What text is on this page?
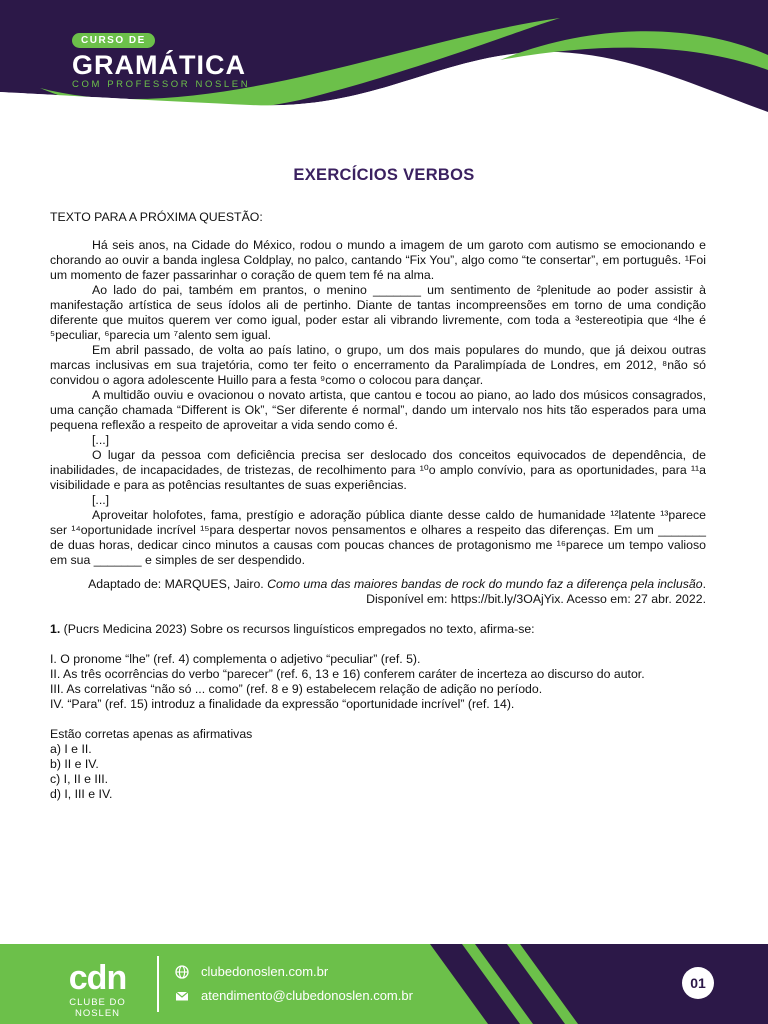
CURSO DE
GRAMÁTICA
COM PROFESSOR NOSLEN
EXERCÍCIOS VERBOS

TEXTO PARA A PRÓXIMA QUESTÃO:

Há seis anos, na Cidade do México, rodou o mundo a imagem de um garoto com autismo se emocionando e chorando ao ouvir a banda inglesa Coldplay, no palco, cantando “Fix You”, algo como “te consertar”, em português. ¹Foi um momento de fazer passarinhar o coração de quem tem fé na alma.

Ao lado do pai, também em prantos, o menino _______ um sentimento de ²plenitude ao poder assistir à manifestação artística de seus ídolos ali de pertinho. Diante de tantas incompreensões em torno de uma condição diferente que muitos querem ver como igual, poder estar ali vibrando livremente, com toda a ³estereotipia que ⁴lhe é ⁵peculiar, ⁶parecia um ⁷alento sem igual.

Em abril passado, de volta ao país latino, o grupo, um dos mais populares do mundo, que já deixou outras marcas inclusivas em sua trajetória, como ter feito o encerramento da Paralimpíada de Londres, em 2012, ⁸não só convidou o agora adolescente Huillo para a festa ⁹como o colocou para dançar.

A multidão ouviu e ovacionou o novato artista, que cantou e tocou ao piano, ao lado dos músicos consagrados, uma canção chamada “Different is Ok”, “Ser diferente é normal”, dando um intervalo nos hits tão esperados para uma pequena reflexão a respeito de aproveitar a vida sendo como é.

[...]

O lugar da pessoa com deficiência precisa ser deslocado dos conceitos equivocados de dependência, de inabilidades, de incapacidades, de tristezas, de recolhimento para ¹⁰o amplo convívio, para as oportunidades, para ¹¹a visibilidade e para as potências resultantes de suas experiências.

[...]

Aproveitar holofotes, fama, prestígio e adoração pública diante desse caldo de humanidade ¹²latente ¹³parece ser ¹⁴oportunidade incrível ¹⁵para despertar novos pensamentos e olhares a respeito das diferenças. Em um _______ de duas horas, dedicar cinco minutos a causas com poucas chances de protagonismo me ¹⁶parece um tempo valioso em sua _______ e simples de ser despendido.

Adaptado de: MARQUES, Jairo. Como uma das maiores bandas de rock do mundo faz a diferença pela inclusão.
Disponível em: https://bit.ly/3OAjYix. Acesso em: 27 abr. 2022.

1. (Pucrs Medicina 2023) Sobre os recursos linguísticos empregados no texto, afirma-se:

I. O pronome “lhe” (ref. 4) complementa o adjetivo “peculiar” (ref. 5).

II. As três ocorrências do verbo “parecer” (ref. 6, 13 e 16) conferem caráter de incerteza ao discurso do autor.

III. As correlativas “não só ... como” (ref. 8 e 9) estabelecem relação de adição no período.

IV. “Para” (ref. 15) introduz a finalidade da expressão “oportunidade incrível” (ref. 14).

Estão corretas apenas as afirmativas

a) I e II.

b) II e IV.

c) I, II e III.

d) I, III e IV.

cdn
CLUBE DO NOSLEN
clubedonoslen.com.br
atendimento@clubedonoslen.com.br
01
